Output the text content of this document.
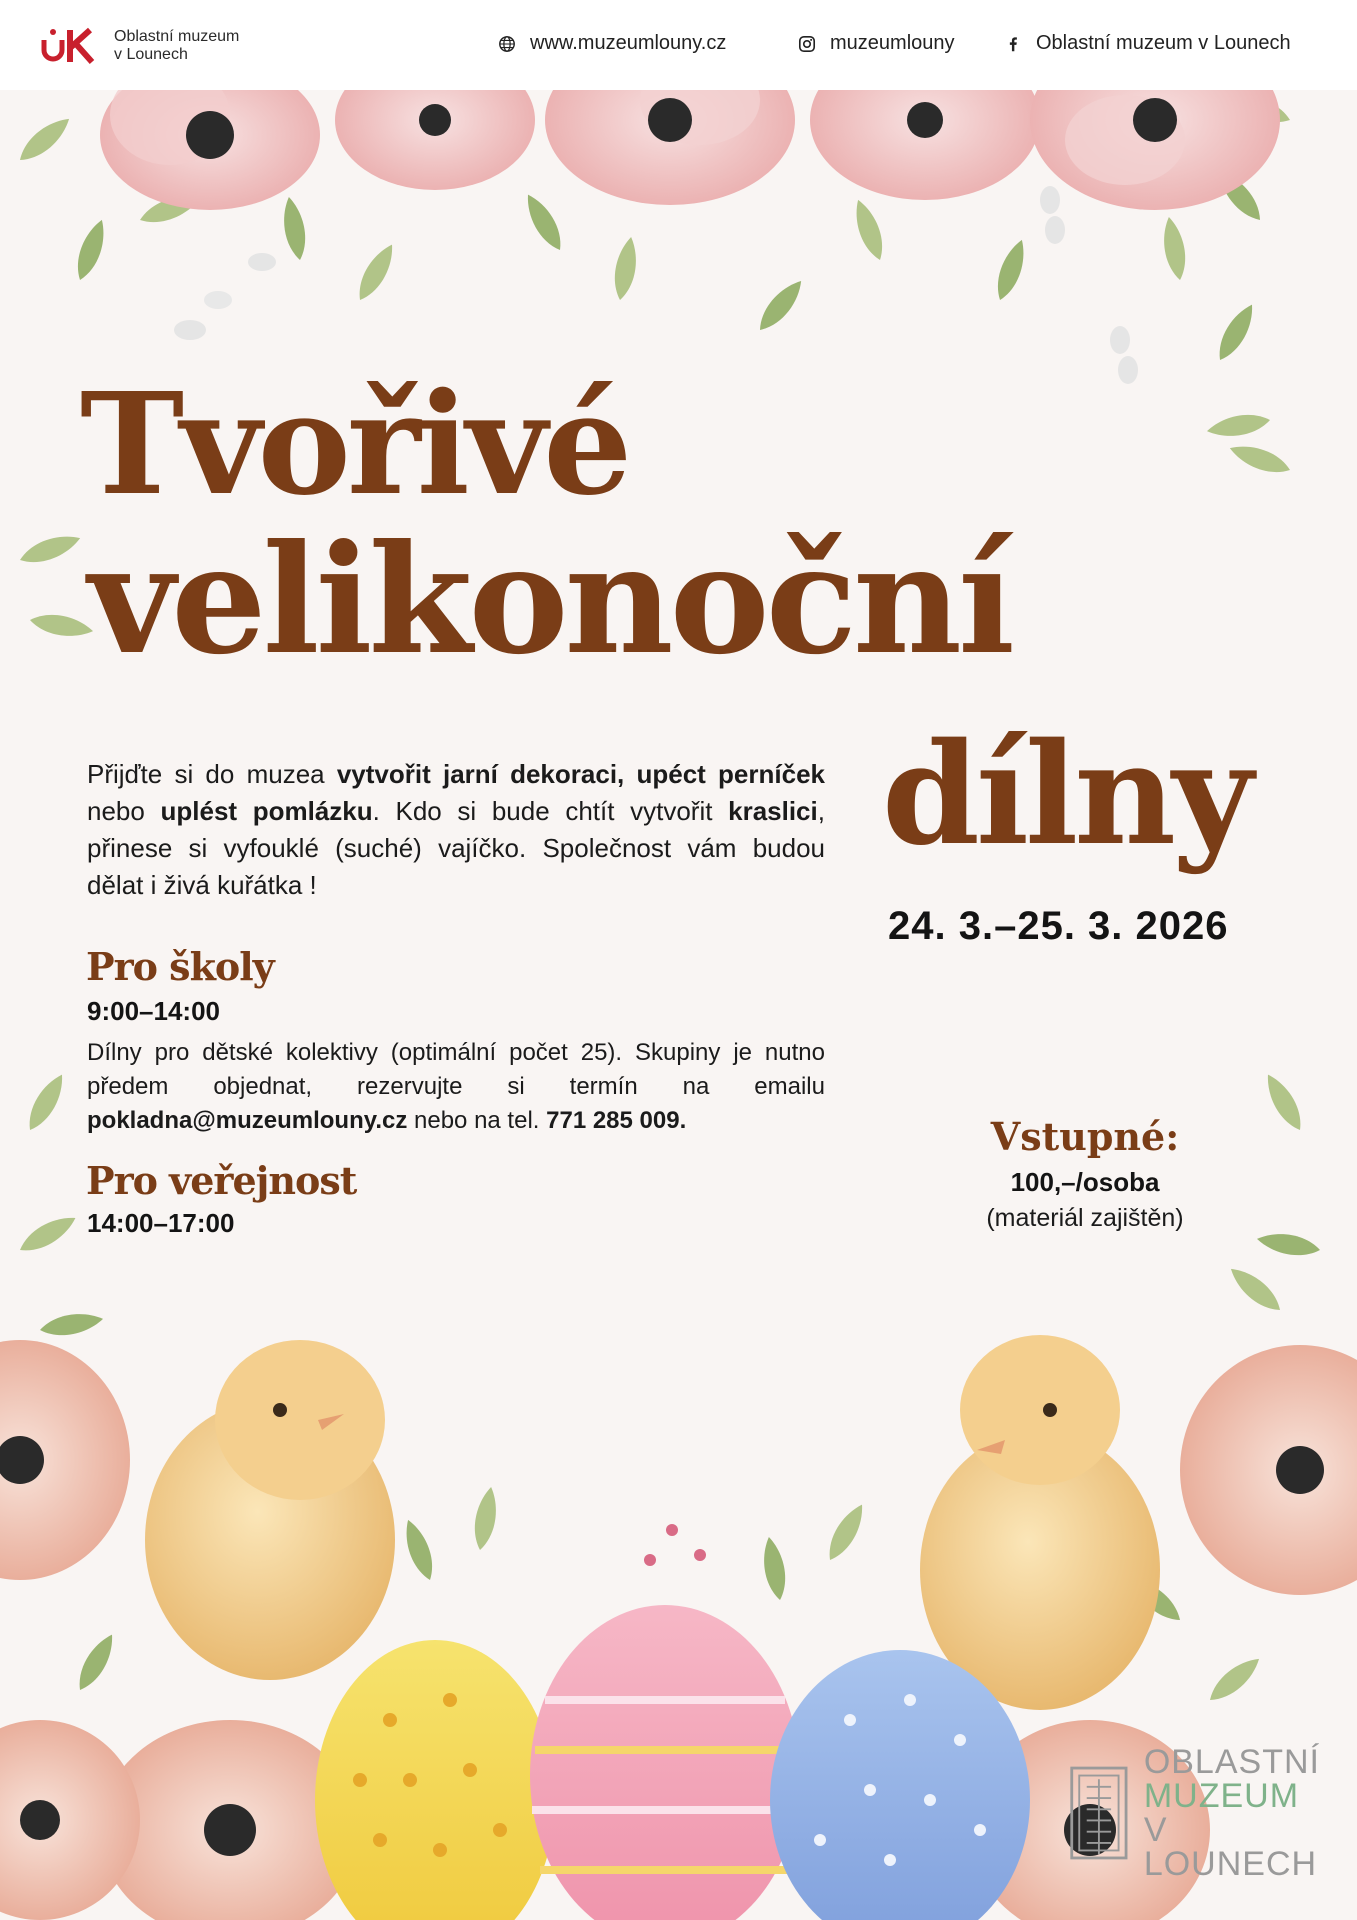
Oblastní muzeum
v Lounech
www.muzeumlouny.cz	muzeumlouny	Oblastní muzeum v Lounech
Tvořivé
velikonoční
dílny
24. 3.–25. 3. 2026
Přijďte si do muzea vytvořit jarní dekoraci, upéct perníček nebo uplést pomlázku. Kdo si bude chtít vytvořit kraslici, přinese si vyfouklé (suché) vajíčko. Společnost vám budou dělat i živá kuřátka !
Pro školy
9:00–14:00
Dílny pro dětské kolektivy (optimální počet 25). Skupiny je nutno předem objednat, rezervujte si termín na emailu pokladna@muzeumlouny.cz nebo na tel. 771 285 009.
Pro veřejnost
14:00–17:00
Vstupné:
100,–/osoba
(materiál zajištěn)
OBLASTNÍ
MUZEUM
V LOUNECH
